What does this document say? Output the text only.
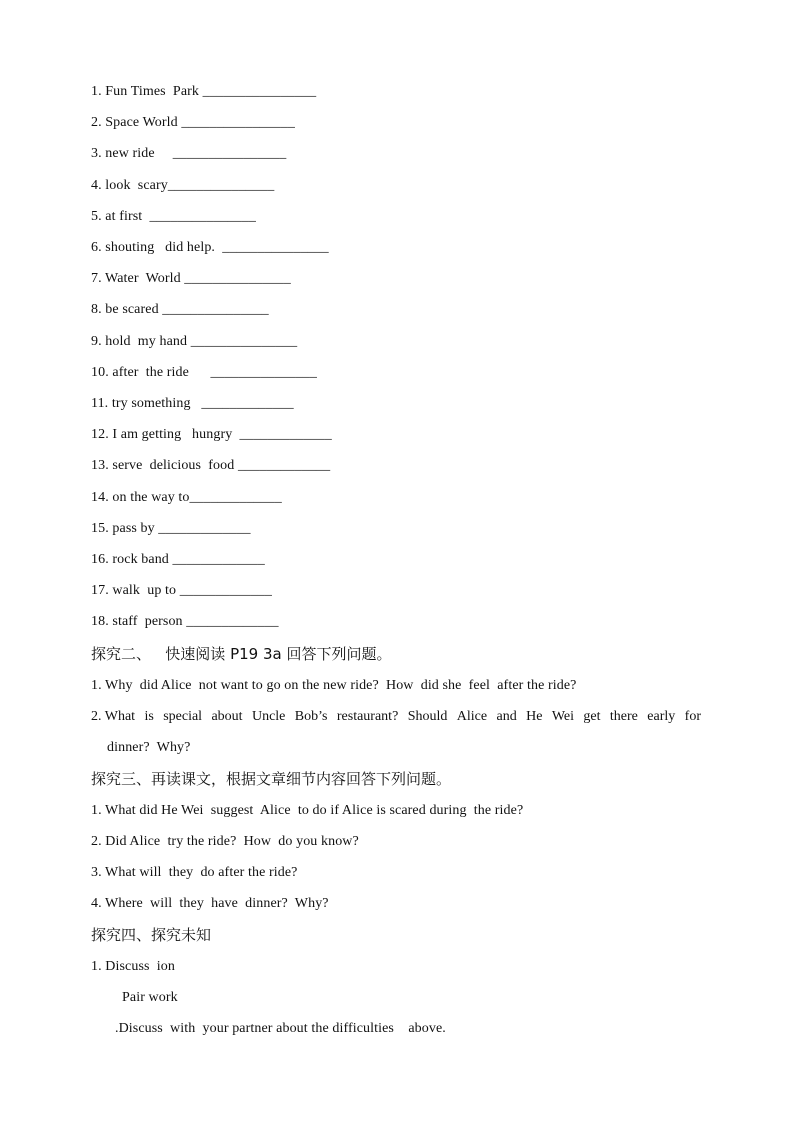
1. Fun Times  Park ________________
2. Space World ________________
3. new ride     ________________
4. look  scary_______________
5. at first  _______________
6. shouting   did help.  _______________
7. Water  World _______________
8. be scared _______________
9. hold  my hand _______________
10. after  the ride      _______________
11. try something   _____________
12. I am getting   hungry  _____________
13. serve  delicious  food _____________
14. on the way to_____________
15. pass by _____________
16. rock band _____________
17. walk  up to _____________
18. staff  person _____________
探究二、   快速阅读 P19 3a 回答下列问题。
1. Why  did Alice  not want to go on the new ride?  How  did she  feel  after the ride?
2. What is special about Uncle Bob’s restaurant? Should Alice and He Wei get there early for
dinner?  Why?
探究三、再读课文，根据文章细节内容回答下列问题。
1. What did He Wei  suggest  Alice  to do if Alice is scared during  the ride?
2. Did Alice  try the ride?  How  do you know?
3. What will  they  do after the ride?
4. Where  will  they  have  dinner?  Why?
探究四、探究未知
1. Discuss  ion
Pair work
.Discuss  with  your partner about the difficulties    above.
